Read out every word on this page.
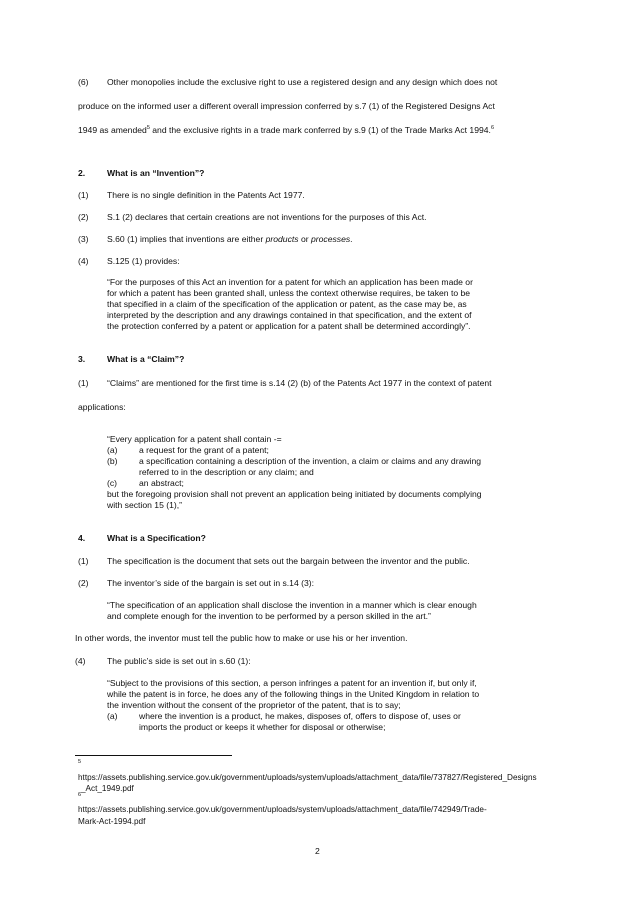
(6) Other monopolies include the exclusive right to use a registered design and any design which does not
produce on the informed user a different overall impression conferred by s.7 (1) of the Registered Designs Act
1949 as amended$^5$ and the exclusive rights in a trade mark conferred by s.9 (1) of the Trade Marks Act 1994.$^6$
2.	What is an “Invention”?
(1) There is no single definition in the Patents Act 1977.
(2) S.1 (2) declares that certain creations are not inventions for the purposes of this Act.
(3) S.60 (1) implies that inventions are either products or processes.
(4) S.125 (1) provides:

“For the purposes of this Act an invention for a patent for which an application has been made or

for which a patent has been granted shall, unless the context otherwise requires, be taken to be

that specified in a claim of the specification of the application or patent, as the case may be, as

interpreted by the description and any drawings contained in that specification, and the extent of

the protection conferred by a patent or application for a patent shall be determined accordingly”.

3.	What is a “Claim”?
(1) “Claims” are mentioned for the first time is s.14 (2) (b) of the Patents Act 1977 in the context of patent
applications:

“Every application for a patent shall contain -=

(a) a request for the grant of a patent;

(b) a specification containing a description of the invention, a claim or claims and any drawing

referred to in the description or any claim; and

(c)	an abstract;

but the foregoing provision shall not prevent an application being initiated by documents complying

with section 15 (1),”

4.	What is a Specification?
(1) The specification is the document that sets out the bargain between the inventor and the public.
(2) The inventor’s side of the bargain is set out in s.14 (3):

“The specification of an application shall disclose the invention in a manner which is clear enough

and complete enough for the invention to be performed by a person skilled in the art.”

In other words, the inventor must tell the public how to make or use his or her invention.
(4) The public’s side is set out in s.60 (1):

“Subject to the provisions of this section, a person infringes a patent for an invention if, but only if,

while the patent is in force, he does any of the following things in the United Kingdom in relation to

the invention without the consent of the proprietor of the patent, that is to say;

(a) where the invention is a product, he makes, disposes of, offers to dispose of, uses or

imports the product or keeps it whether for disposal or otherwise;

5
https://assets.publishing.service.gov.uk/government/uploads/system/uploads/attachment_data/file/737827/Registered_Designs
6
_Act_1949.pdf
https://assets.publishing.service.gov.uk/government/uploads/system/uploads/attachment_data/file/742949/Trade-
Mark-Act-1994.pdf
2
